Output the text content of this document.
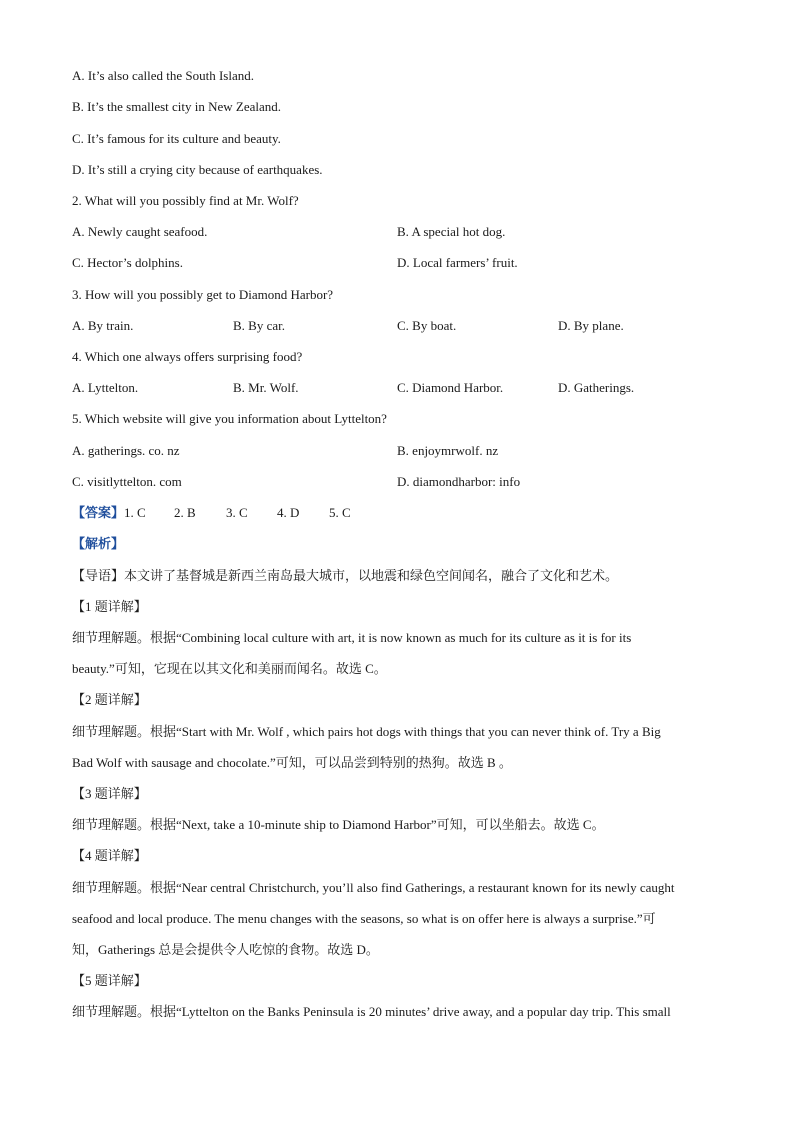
A. It’s also called the South Island.
B. It’s the smallest city in New Zealand.
C. It’s famous for its culture and beauty.
D. It’s still a crying city because of earthquakes.
2. What will you possibly find at Mr. Wolf?
A. Newly caught seafood.	B. A special hot dog.
C. Hector’s dolphins.	D. Local farmers’ fruit.
3. How will you possibly get to Diamond Harbor?
A. By train.	B. By car.	C. By boat.	D. By plane.
4. Which one always offers surprising food?
A. Lyttelton.	B. Mr. Wolf.	C. Diamond Harbor.	D. Gatherings.
5. Which website will give you information about Lyttelton?
A. gatherings. co. nz	B. enjoymrwolf. nz
C. visitlyttelton. com	D. diamondharbor: info
【答案】1. C 2. B 3. C 4. D 5. C
【解析】
【导语】本文讲了基督城是新西兰南岛最大城市，以地震和绿色空间闻名，融合了文化和艺术。
【1 题详解】
细节理解题。根据“Combining local culture with art, it is now known as much for its culture as it is for its
beauty.”可知，它现在以其文化和美丽而闻名。故选 C。
【2 题详解】
细节理解题。根据“Start with Mr. Wolf , which pairs hot dogs with things that you can never think of. Try a Big
Bad Wolf with sausage and chocolate.”可知，可以品尝到特别的热狗。故选 B 。
【3 题详解】
细节理解题。根据“Next, take a 10-minute ship to Diamond Harbor”可知，可以坐船去。故选 C。
【4 题详解】
细节理解题。根据“Near central Christchurch, you’ll also find Gatherings, a restaurant known for its newly caught
seafood and local produce. The menu changes with the seasons, so what is on offer here is always a surprise.”可
知，Gatherings 总是会提供令人吃惊的食物。故选 D。
【5 题详解】
细节理解题。根据“Lyttelton on the Banks Peninsula is 20 minutes’ drive away, and a popular day trip. This small
